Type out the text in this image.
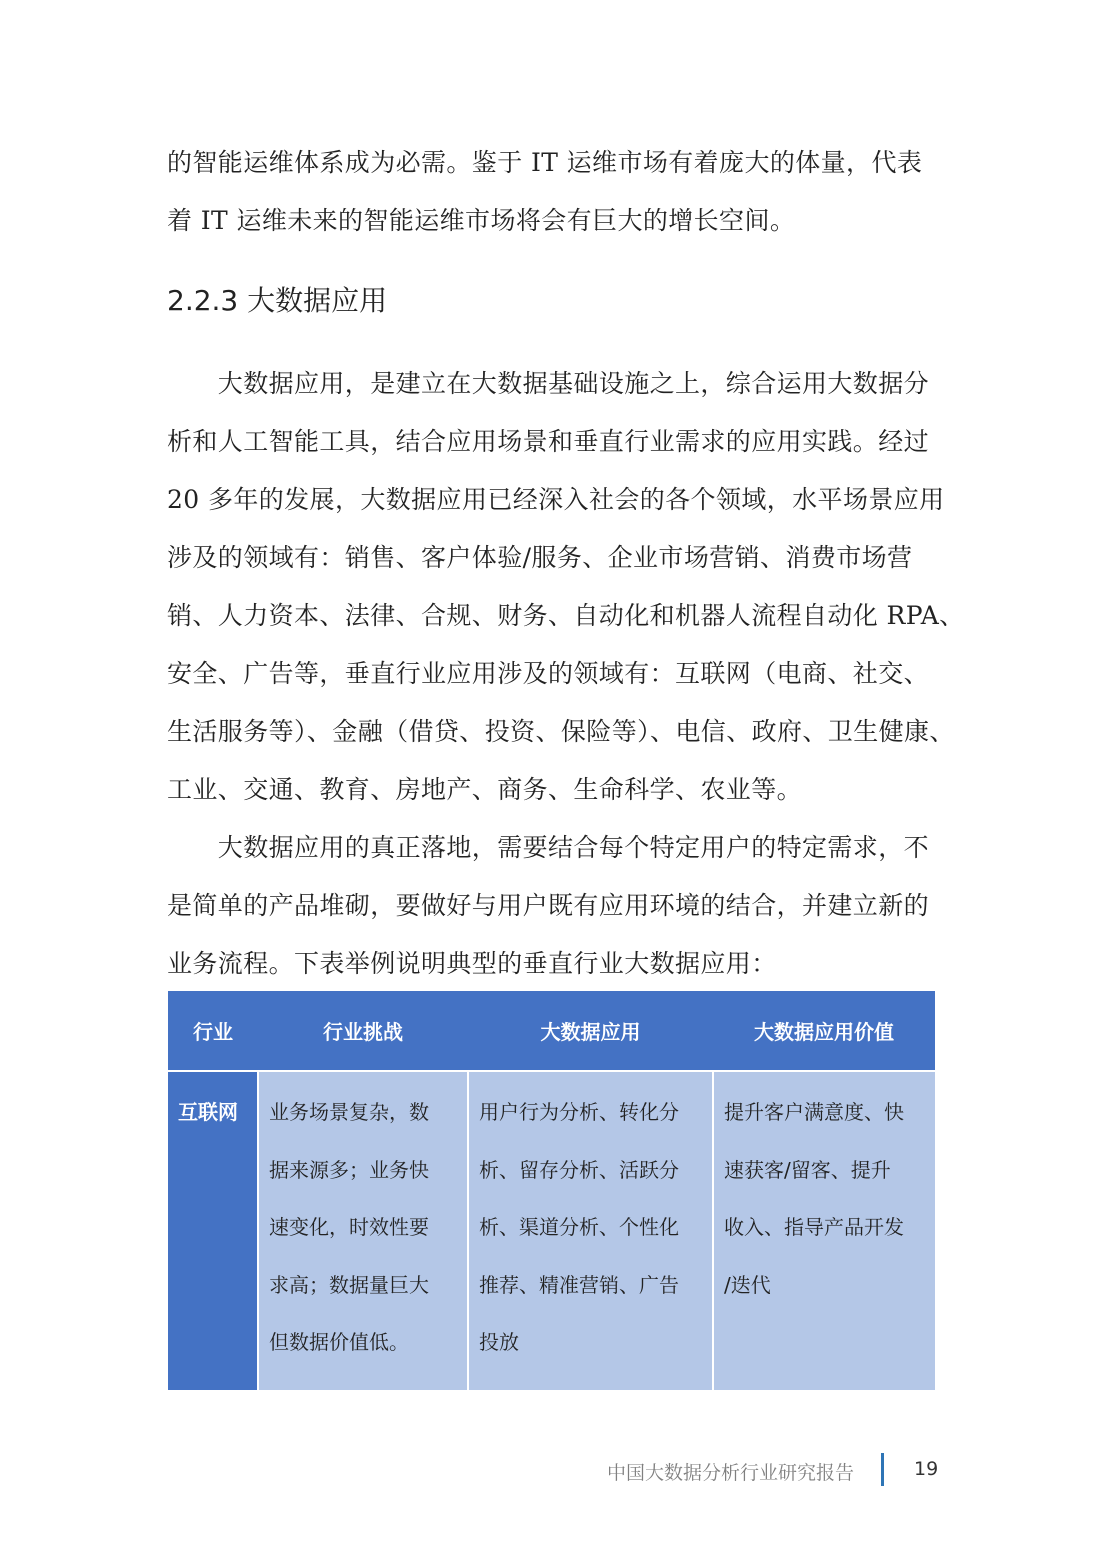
的智能运维体系成为必需。鉴于 IT 运维市场有着庞大的体量，代表
着 IT 运维未来的智能运维市场将会有巨大的增长空间。
2.2.3 大数据应用
　　大数据应用，是建立在大数据基础设施之上，综合运用大数据分
析和人工智能工具，结合应用场景和垂直行业需求的应用实践。经过
20 多年的发展，大数据应用已经深入社会的各个领域，水平场景应用
涉及的领域有：销售、客户体验/服务、企业市场营销、消费市场营
销、人力资本、法律、合规、财务、自动化和机器人流程自动化 RPA、
安全、广告等，垂直行业应用涉及的领域有：互联网（电商、社交、
生活服务等）、金融（借贷、投资、保险等）、电信、政府、卫生健康、
工业、交通、教育、房地产、商务、生命科学、农业等。
　　大数据应用的真正落地，需要结合每个特定用户的特定需求，不
是简单的产品堆砌，要做好与用户既有应用环境的结合，并建立新的
业务流程。下表举例说明典型的垂直行业大数据应用：
行业	行业挑战	大数据应用	大数据应用价值

互联网	业务场景复杂，数
据来源多；业务快
速变化，时效性要
求高；数据量巨大
但数据价值低。	用户行为分析、转化分
析、留存分析、活跃分
析、渠道分析、个性化
推荐、精准营销、广告
投放	提升客户满意度、快
速获客/留客、提升
收入、指导产品开发
/迭代
中国大数据分析行业研究报告	19
